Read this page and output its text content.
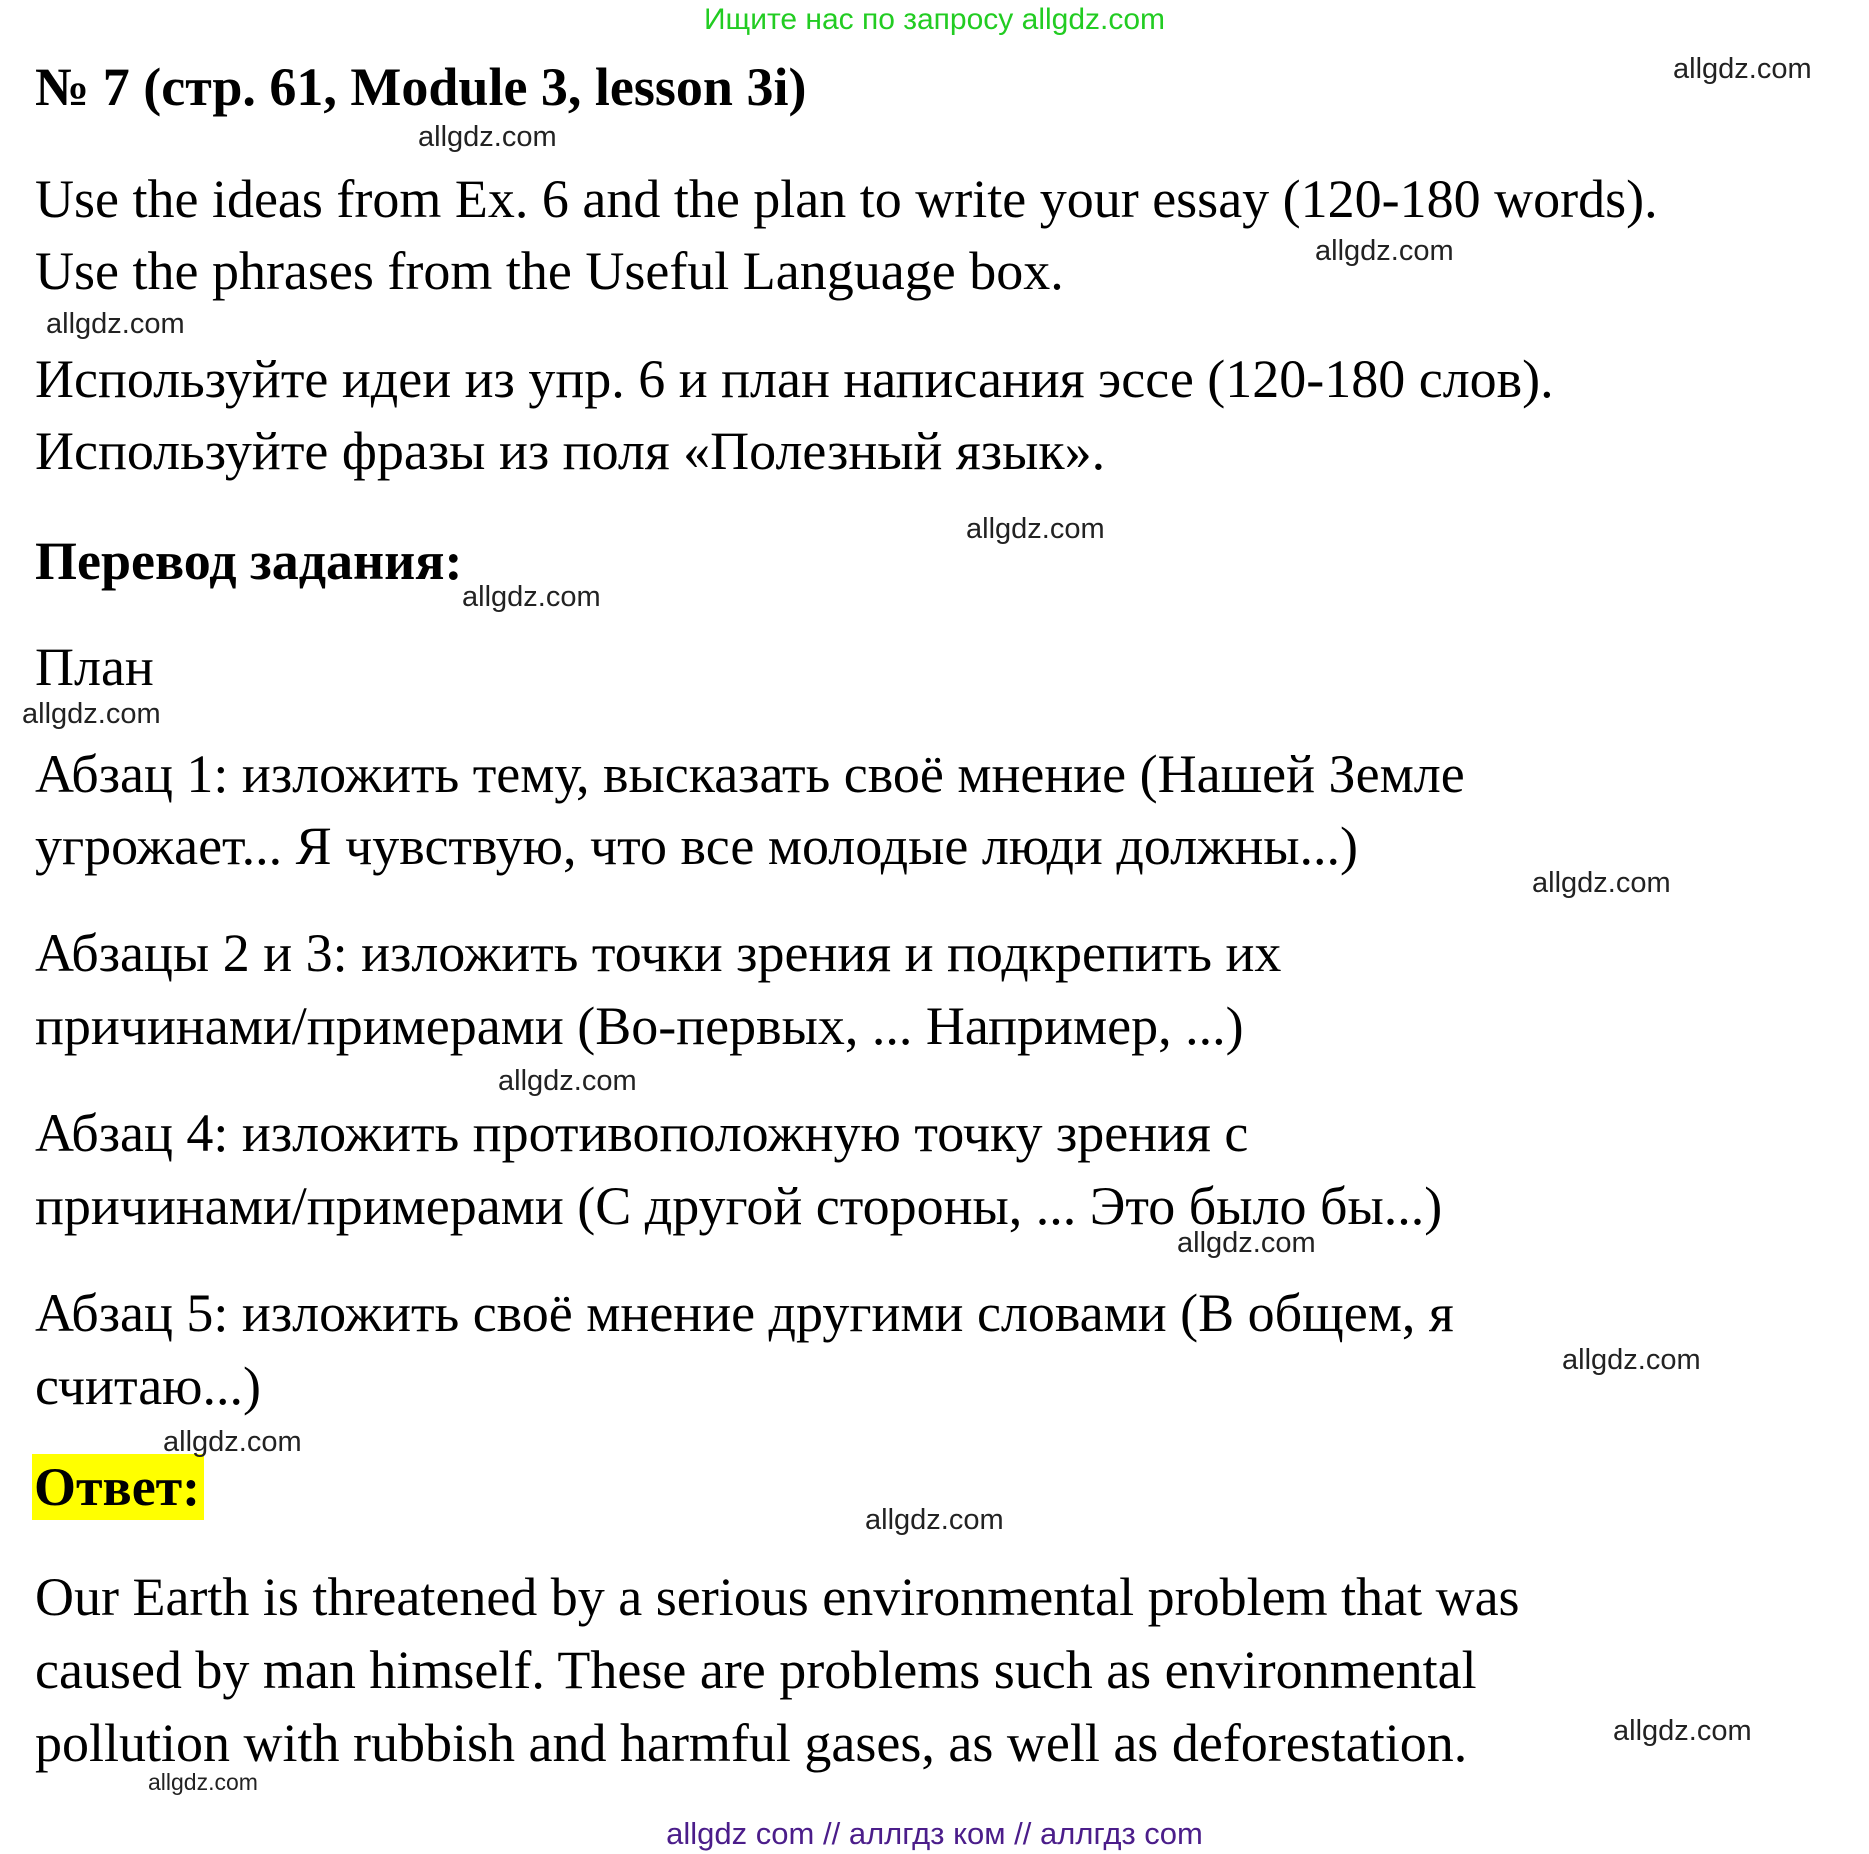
Ищите нас по запросу allgdz.com
№ 7 (стр. 61, Module 3, lesson 3i)
Use the ideas from Ex. 6 and the plan to write your essay (120-180 words).
Use the phrases from the Useful Language box.
Используйте идеи из упр. 6 и план написания эссе (120-180 слов).
Используйте фразы из поля «Полезный язык».
Перевод задания:
План
Абзац 1: изложить тему, высказать своё мнение (Нашей Земле
угрожает... Я чувствую, что все молодые люди должны...)
Абзацы 2 и 3: изложить точки зрения и подкрепить их
причинами/примерами (Во-первых, ... Например, ...)
Абзац 4: изложить противоположную точку зрения с
причинами/примерами (С другой стороны, ... Это было бы...)
Абзац 5: изложить своё мнение другими словами (В общем, я
считаю...)
Ответ:
Our Earth is threatened by a serious environmental problem that was
caused by man himself. These are problems such as environmental
pollution with rubbish and harmful gases, as well as deforestation.
allgdz.com
allgdz.com
allgdz.com
allgdz.com
allgdz.com
allgdz.com
allgdz.com
allgdz.com
allgdz.com
allgdz.com
allgdz.com
allgdz.com
allgdz.com
allgdz.com
allgdz.com
allgdz com // аллгдз ком // аллгдз com
